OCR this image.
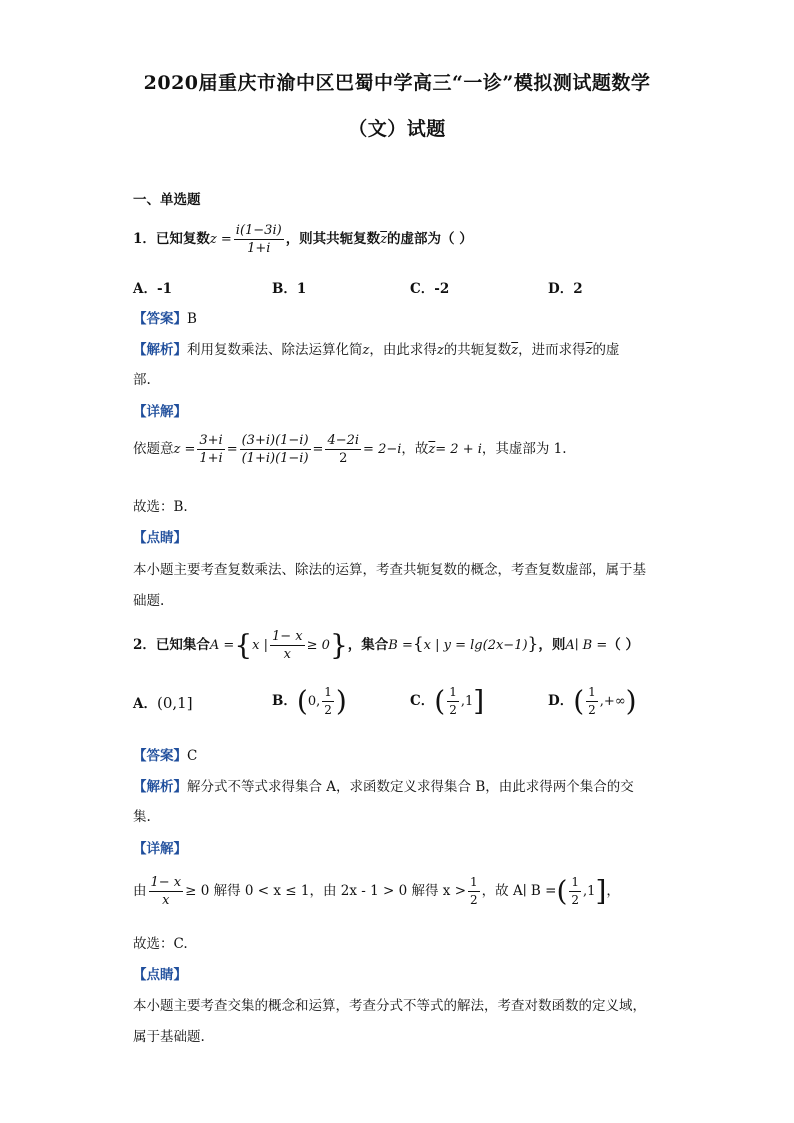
2020届重庆市渝中区巴蜀中学高三“一诊”模拟测试题数学
（文）试题
一、单选题
1．已知复数$z = \frac{i(1-3i)}{1+i}$ ，则其共轭复数$\overline{z}$的虚部为（ ）
A．-1	B．1	C．-2	D．2
【答案】B
【解析】利用复数乘法、除法运算化简z，由此求得z的共轭复数$\overline{z}$，进而求得$\overline{z}$的虚
部.
【详解】
依题意$z = \frac{3+i}{1+i} = \frac{(3+i)(1-i)}{(1+i)(1-i)} = \frac{4-2i}{2} = 2-i$，故$\overline{z}= 2 + i$，其虚部为 1.
故选：B.
【点睛】
本小题主要考查复数乘法、除法的运算，考查共轭复数的概念，考查复数虚部，属于基
础题.
2．已知集合A ={x | $\frac{1- x}{x} \ge 0$}，集合B ={x | y = lg(2x−1)}，则A∣ B =（ ）
A．(0,1]	B．(0, $\frac{1}{2}$ )	C．( $\frac{1}{2} ,1$]	D．( $\frac{1}{2}$ ,+∞)
【答案】C
【解析】解分式不等式求得集合 A，求函数定义求得集合 B，由此求得两个集合的交
集.
【详解】
由 $\frac{1- x}{x} \ge 0$ 解得 0 < x ≤ 1，由 2x - 1 > 0 解得 $x > \frac{1}{2}$ ，故 A∣ B =( $\frac{1}{2} ,1$]，
故选：C.
【点睛】
本小题主要考查交集的概念和运算，考查分式不等式的解法，考查对数函数的定义域，
属于基础题.
